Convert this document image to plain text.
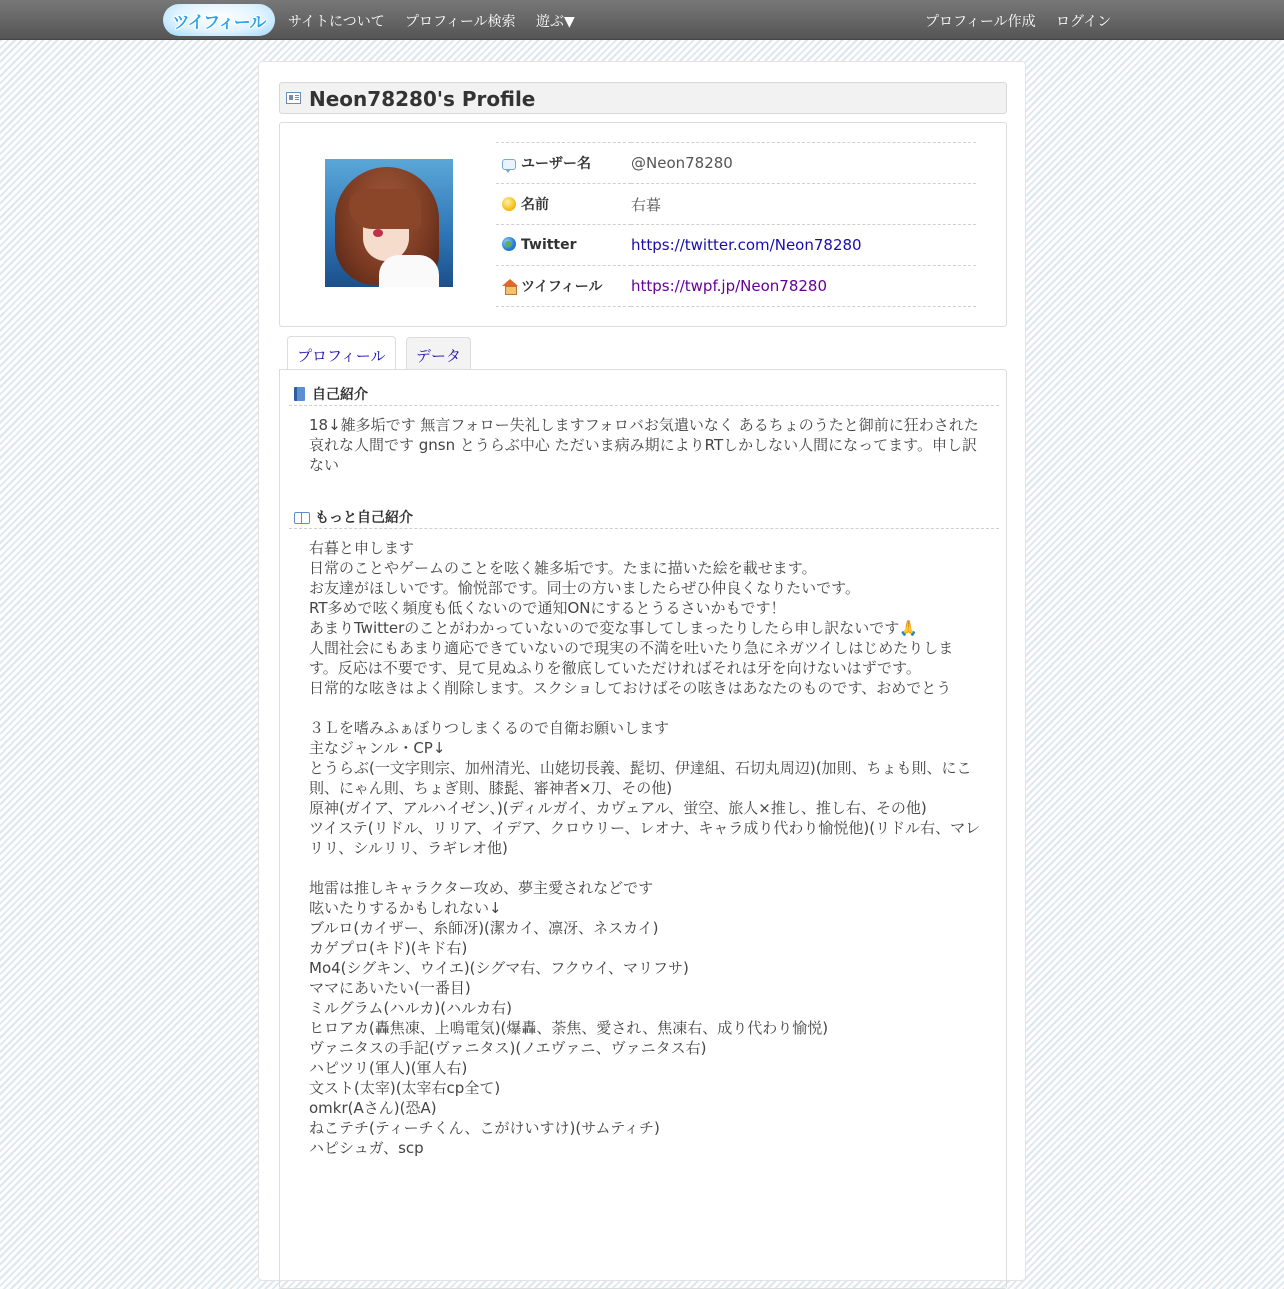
ツイフィール サイトについて プロフィール検索 遊ぶ▼	プロフィール作成 ログイン
Neon78280's Profile
ユーザー名	@Neon78280
名前	右暮
Twitter	https://twitter.com/Neon78280
ツイフィール	https://twpf.jp/Neon78280
プロフィール	データ
自己紹介
18↓雑多垢です 無言フォロー失礼しますフォロバお気遣いなく あるちょのうたと御前に狂わされた哀れな人間です gnsn とうらぶ中心 ただいま病み期によりRTしかしない人間になってます。申し訳ない
もっと自己紹介
右暮と申します
日常のことやゲームのことを呟く雑多垢です。たまに描いた絵を載せます。
お友達がほしいです。愉悦部です。同士の方いましたらぜひ仲良くなりたいです。
RT多めで呟く頻度も低くないので通知ONにするとうるさいかもです！
あまりTwitterのことがわかっていないので変な事してしまったりしたら申し訳ないです🙏
人間社会にもあまり適応できていないので現実の不満を吐いたり急にネガツイしはじめたりします。反応は不要です、見て見ぬふりを徹底していただければそれは牙を向けないはずです。
日常的な呟きはよく削除します。スクショしておけばその呟きはあなたのものです、おめでとう

３Ｌを嗜みふぁぼりつしまくるので自衛お願いします
主なジャンル・CP↓
とうらぶ(一文字則宗、加州清光、山姥切長義、髭切、伊達組、石切丸周辺)(加則、ちょも則、にこ則、にゃん則、ちょぎ則、膝髭、審神者×刀、その他)
原神(ガイア、アルハイゼン、)(ディルガイ、カヴェアル、蛍空、旅人×推し、推し右、その他)
ツイステ(リドル、リリア、イデア、クロウリー、レオナ、キャラ成り代わり愉悦他)(リドル右、マレリリ、シルリリ、ラギレオ他)

地雷は推しキャラクター攻め、夢主愛されなどです
呟いたりするかもしれない↓
ブルロ(カイザー、糸師冴)(潔カイ、凛冴、ネスカイ)
カゲプロ(キド)(キド右)
Mo4(シグキン、ウイエ)(シグマ右、フクウイ、マリフサ)
ママにあいたい(一番目)
ミルグラム(ハルカ)(ハルカ右)
ヒロアカ(轟焦凍、上鳴電気)(爆轟、荼焦、愛され、焦凍右、成り代わり愉悦)
ヴァニタスの手記(ヴァニタス)(ノエヴァニ、ヴァニタス右)
ハピツリ(軍人)(軍人右)
文スト(太宰)(太宰右cp全て)
omkr(Aさん)(恐A)
ねこテチ(ティーチくん、こがけいすけ)(サムティチ)
ハピシュガ、scp
